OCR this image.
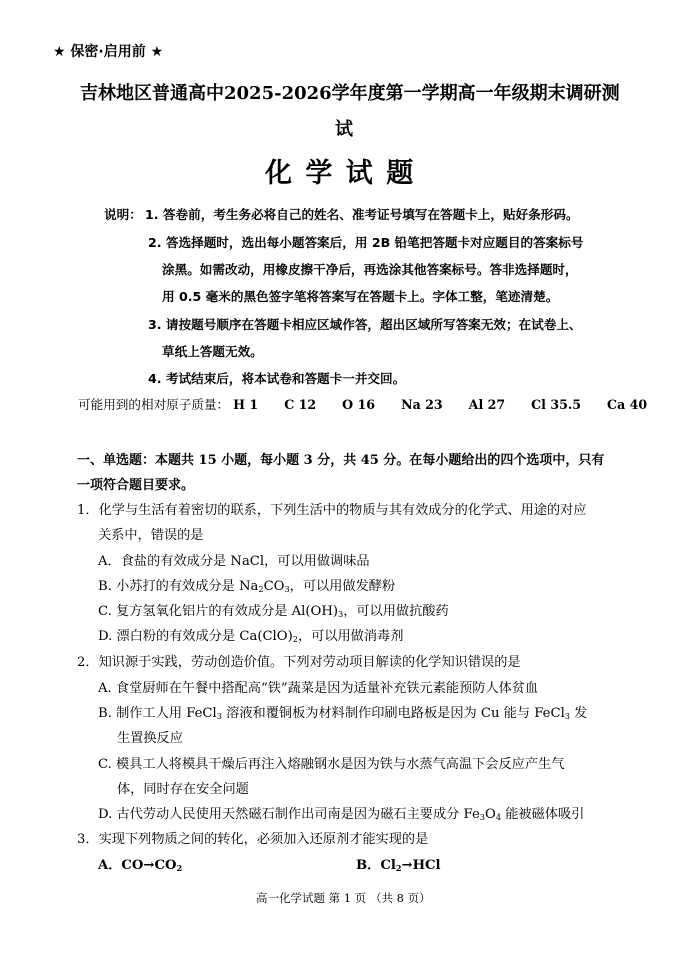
★ 保密·启用前 ★
吉林地区普通高中2025-2026学年度第一学期高一年级期末调研测
试
化 学 试 题
说明： 1. 答卷前，考生务必将自己的姓名、准考证号填写在答题卡上，贴好条形码。
2. 答选择题时，选出每小题答案后，用 2B 铅笔把答题卡对应题目的答案标号
涂黑。如需改动，用橡皮擦干净后，再选涂其他答案标号。答非选择题时，
用 0.5 毫米的黑色签字笔将答案写在答题卡上。字体工整，笔迹清楚。
3. 请按题号顺序在答题卡相应区域作答，超出区域所写答案无效；在试卷上、
草纸上答题无效。
4. 考试结束后，将本试卷和答题卡一并交回。
可能用到的相对原子质量： H 1 C 12 O 16 Na 23 Al 27 Cl 35.5 Ca 40
一、单选题：本题共 15 小题，每小题 3 分，共 45 分。在每小题给出的四个选项中，只有
一项符合题目要求。
1．化学与生活有着密切的联系，下列生活中的物质与其有效成分的化学式、用途的对应
关系中，错误的是
A．食盐的有效成分是 NaCl，可以用做调味品
B. 小苏打的有效成分是 $Na_2CO_3$，可以用做发酵粉
C. 复方氢氧化铝片的有效成分是 $Al(OH)_3$，可以用做抗酸药
D. 漂白粉的有效成分是 $Ca(ClO)_2$，可以用做消毒剂
2．知识源于实践，劳动创造价值。下列对劳动项目解读的化学知识错误的是
A. 食堂厨师在午餐中搭配高“铁”蔬菜是因为适量补充铁元素能预防人体贫血
B. 制作工人用 FeCl$_3$ 溶液和覆铜板为材料制作印刷电路板是因为 Cu 能与 FeCl$_3$ 发
生置换反应
C. 模具工人将模具干燥后再注入熔融钢水是因为铁与水蒸气高温下会反应产生气
体，同时存在安全问题
D. 古代劳动人民使用天然磁石制作出司南是因为磁石主要成分 $Fe_3O_4$ 能被磁体吸引
3．实现下列物质之间的转化，必须加入还原剂才能实现的是
A．$CO\to CO_2$	B．$Cl_2\to HCl$
高一化学试题 第 1 页 （共 8 页）
